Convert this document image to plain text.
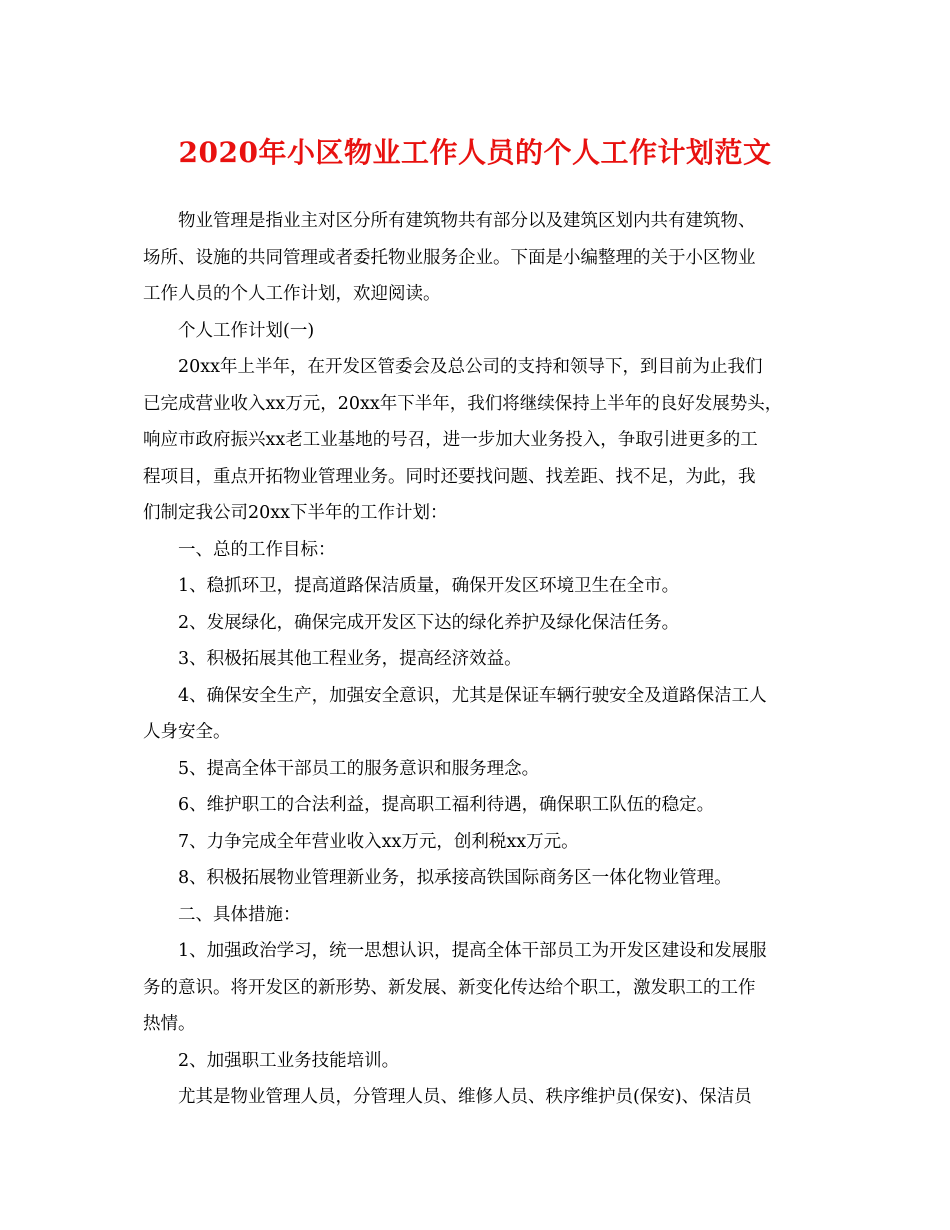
2020年小区物业工作人员的个人工作计划范文
物业管理是指业主对区分所有建筑物共有部分以及建筑区划内共有建筑物、
场所、设施的共同管理或者委托物业服务企业。下面是小编整理的关于小区物业
工作人员的个人工作计划，欢迎阅读。
个人工作计划(一)
20xx年上半年，在开发区管委会及总公司的支持和领导下，到目前为止我们
已完成营业收入xx万元，20xx年下半年，我们将继续保持上半年的良好发展势头，
响应市政府振兴xx老工业基地的号召，进一步加大业务投入，争取引进更多的工
程项目，重点开拓物业管理业务。同时还要找问题、找差距、找不足，为此，我
们制定我公司20xx下半年的工作计划：
一、总的工作目标：
1、稳抓环卫，提高道路保洁质量，确保开发区环境卫生在全市。
2、发展绿化，确保完成开发区下达的绿化养护及绿化保洁任务。
3、积极拓展其他工程业务，提高经济效益。
4、确保安全生产，加强安全意识，尤其是保证车辆行驶安全及道路保洁工人
人身安全。
5、提高全体干部员工的服务意识和服务理念。
6、维护职工的合法利益，提高职工福利待遇，确保职工队伍的稳定。
7、力争完成全年营业收入xx万元，创利税xx万元。
8、积极拓展物业管理新业务，拟承接高铁国际商务区一体化物业管理。
二、具体措施：
1、加强政治学习，统一思想认识，提高全体干部员工为开发区建设和发展服
务的意识。将开发区的新形势、新发展、新变化传达给个职工，激发职工的工作
热情。
2、加强职工业务技能培训。
尤其是物业管理人员，分管理人员、维修人员、秩序维护员(保安)、保洁员
